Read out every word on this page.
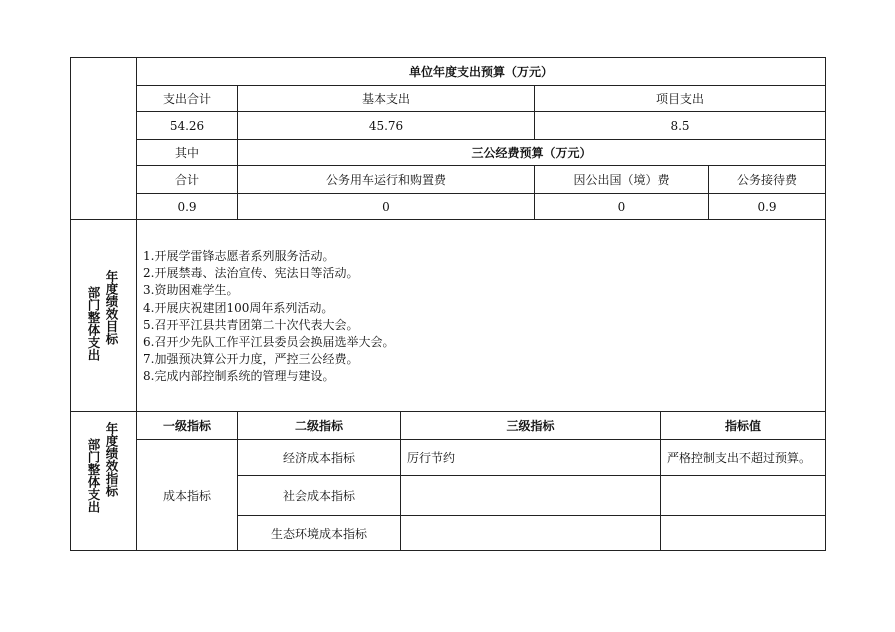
单位年度支出预算（万元）
支出合计	基本支出	项目支出
54.26	45.76	8.5
其中	三公经费预算（万元）
合计	公务用车运行和购置费	因公出国（境）费	公务接待费
0.9	0	0	0.9
部门整体支出 年度绩效目标
1.开展学雷锋志愿者系列服务活动。
2.开展禁毒、法治宣传、宪法日等活动。
3.资助困难学生。
4.开展庆祝建团100周年系列活动。
5.召开平江县共青团第二十次代表大会。
6.召开少先队工作平江县委员会换届选举大会。
7.加强预决算公开力度，严控三公经费。
8.完成内部控制系统的管理与建设。
部门整体支出 年度绩效指标	一级指标	二级指标	三级指标	指标值
成本指标
经济成本指标	厉行节约	严格控制支出不超过预算。
社会成本指标
生态环境成本指标
